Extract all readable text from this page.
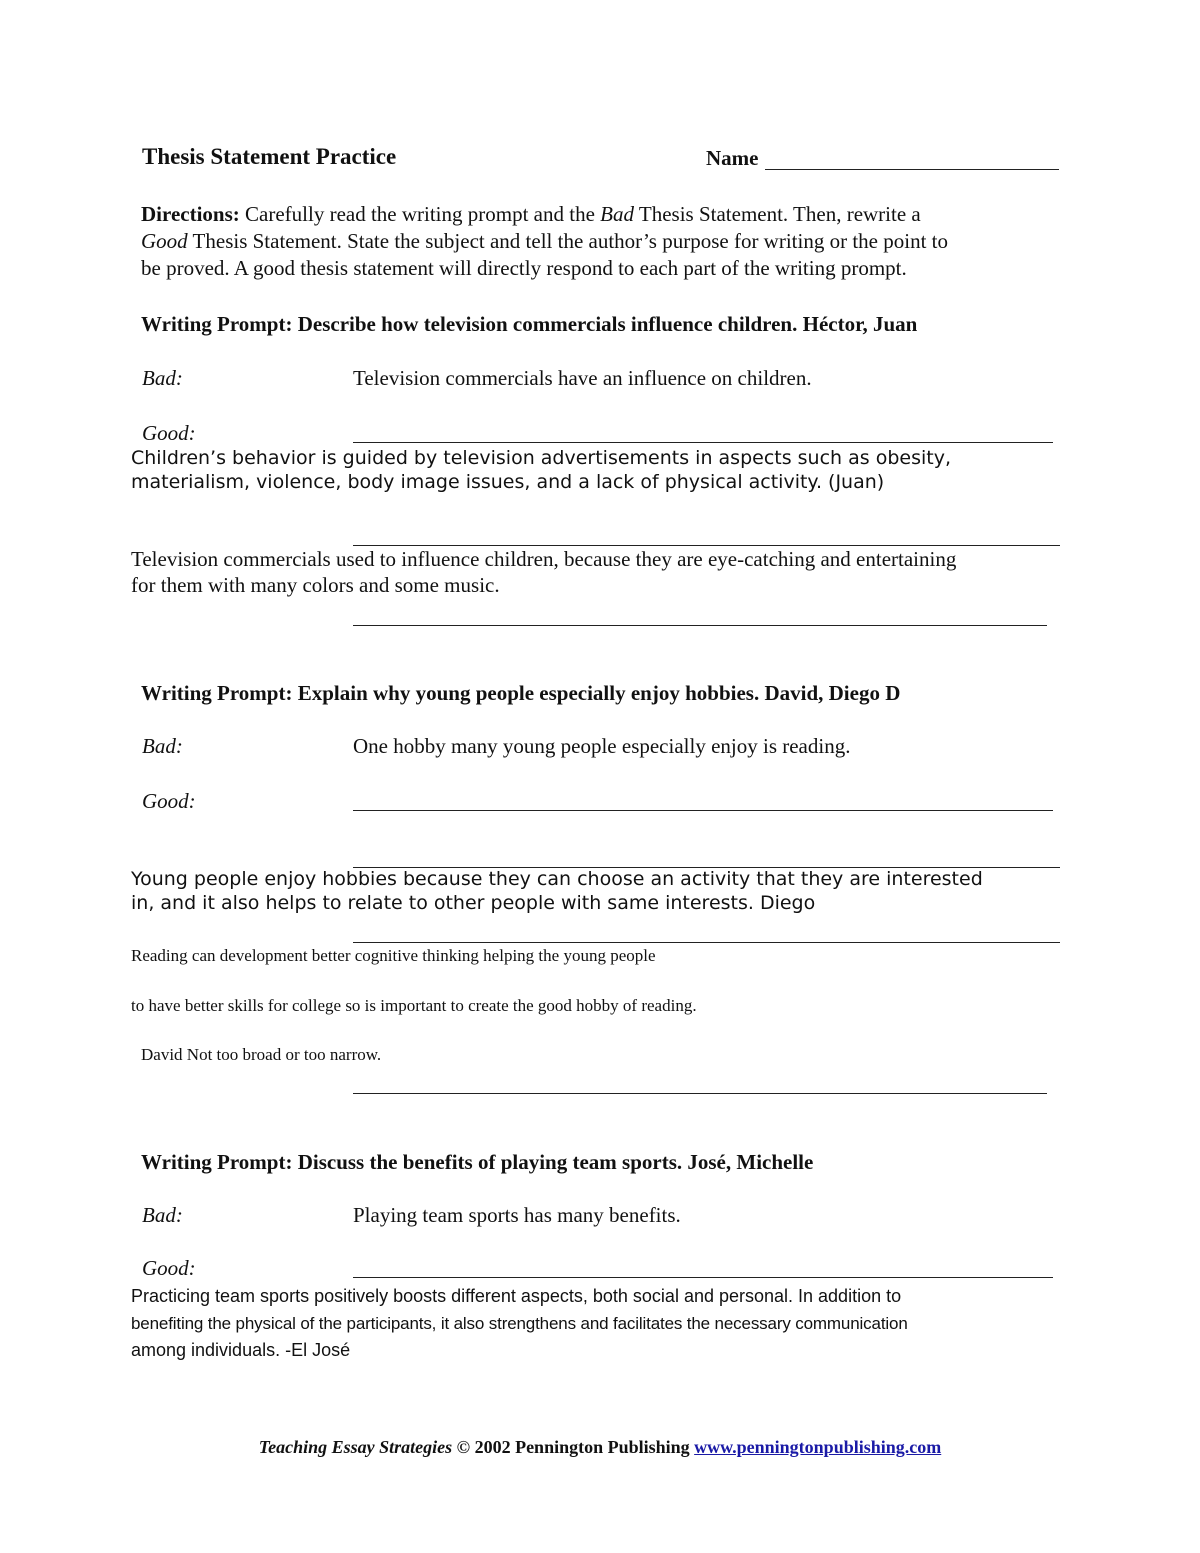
Thesis Statement Practice	Name
Directions: Carefully read the writing prompt and the Bad Thesis Statement. Then, rewrite a
Good Thesis Statement. State the subject and tell the author’s purpose for writing or the point to
be proved. A good thesis statement will directly respond to each part of the writing prompt.
Writing Prompt: Describe how television commercials influence children. Héctor, Juan
Bad:	Television commercials have an influence on children.
Good:
Children’s behavior is guided by television advertisements in aspects such as obesity,
materialism, violence, body image issues, and a lack of physical activity. (Juan)
Television commercials used to influence children, because they are eye-catching and entertaining
for them with many colors and some music.
Writing Prompt: Explain why young people especially enjoy hobbies. David, Diego D
Bad:	One hobby many young people especially enjoy is reading.
Good:
Young people enjoy hobbies because they can choose an activity that they are interested
in, and it also helps to relate to other people with same interests. Diego
Reading can development better cognitive thinking helping the young people
to have better skills for college so is important to create the good hobby of reading.
David Not too broad or too narrow.
Writing Prompt: Discuss the benefits of playing team sports. José, Michelle
Bad:	Playing team sports has many benefits.
Good:
Practicing team sports positively boosts different aspects, both social and personal. In addition to
benefiting the physical of the participants, it also strengthens and facilitates the necessary communication
among individuals. -El José
Teaching Essay Strategies © 2002 Pennington Publishing www.penningtonpublishing.com
